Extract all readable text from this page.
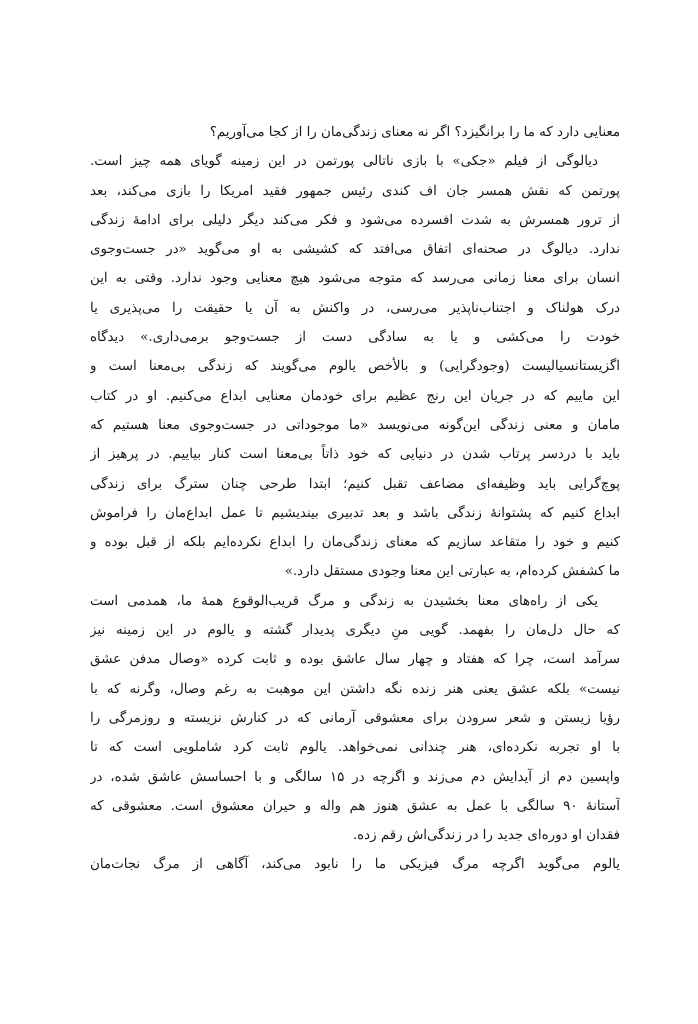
معنایی دارد که ما را برانگیزد؟ اگر نه معنای زندگی‌مان را از کجا می‌آوریم؟
دیالوگی از فیلم «جکی» با بازی ناتالی پورتمن در این زمینه گویای همه چیز است.
پورتمن که نقش همسر جان اف کندی رئیس جمهور فقید امریکا را بازی می‌کند، بعد
از ترور همسرش به شدت افسرده می‌شود و فکر می‌کند دیگر دلیلی برای ادامهٔ زندگی
ندارد. دیالوگ در صحنه‌ای اتفاق می‌افتد که کشیشی به او می‌گوید «در جست‌وجوی
انسان برای معنا زمانی می‌رسد که متوجه می‌شود هیچ معنایی وجود ندارد. وقتی به این
درک هولناک و اجتناب‌ناپذیر می‌رسی، در واکنش به آن یا حقیقت را می‌پذیری یا
خودت را می‌کشی و یا به سادگی دست از جست‌وجو برمی‌داری.» دیدگاه
اگزیستانسیالیست (وجودگرایی) و بالأخص یالوم می‌گویند که زندگی بی‌معنا است و
این ماییم که در جریان این رنج عظیم برای خودمان معنایی ابداع می‌کنیم. او در کتاب
مامان و معنی زندگی این‌گونه می‌نویسد «ما موجوداتی در جست‌وجوی معنا هستیم که
باید با دردسر پرتاب شدن در دنیایی که خود ذاتاً بی‌معنا است کنار بیاییم. در پرهیز از
پوچ‌گرایی باید وظیفه‌ای مضاعف تقبل کنیم؛ ابتدا طرحی چنان سترگ برای زندگی
ابداع کنیم که پشتوانهٔ زندگی باشد و بعد تدبیری بیندیشیم تا عمل ابداع‌مان را فراموش
کنیم و خود را متقاعد سازیم که معنای زندگی‌مان را ابداع نکرده‌ایم بلکه از قبل بوده و
ما کشفش کرده‌ام، به عبارتی این معنا وجودی مستقل دارد.»
یکی از راه‌های معنا بخشیدن به زندگی و مرگ قریب‌الوقوع همهٔ ما، همدمی است
که حال دل‌مان را بفهمد. گویی منِ دیگری پدیدار گشته و یالوم در این زمینه نیز
سرآمد است، چرا که هفتاد و چهار سال عاشق بوده و ثابت کرده «وصال مدفن عشق
نیست» بلکه عشق یعنی هنر زنده نگه داشتن این موهبت به رغم وصال، وگرنه که با
رؤیا زیستن و شعر سرودن برای معشوقی آرمانی که در کنارش نزیسته و روزمرگی را
با او تجربه نکرده‌ای، هنر چندانی نمی‌خواهد. یالوم ثابت کرد شاملویی است که تا
واپسین دم از آیدایش دم می‌زند و اگرچه در ۱۵ سالگی و با احساسش عاشق شده، در
آستانهٔ ۹۰ سالگی با عمل به عشق هنوز هم واله و حیران معشوق است. معشوقی که
فقدان او دوره‌ای جدید را در زندگی‌اش رقم زده.
یالوم می‌گوید اگرچه مرگ فیزیکی ما را نابود می‌کند، آگاهی از مرگ نجات‌مان
